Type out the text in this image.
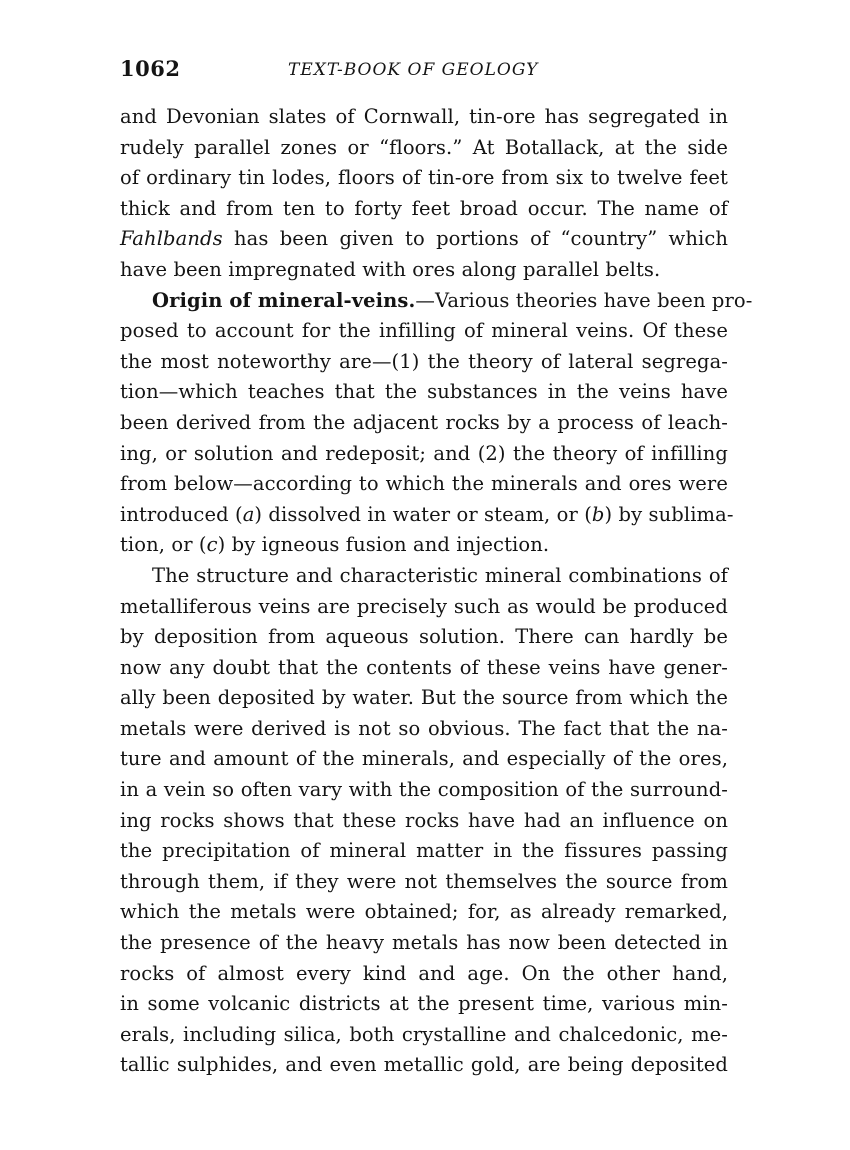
1062	TEXT-BOOK OF GEOLOGY
and Devonian slates of Cornwall, tin-ore has segregated in
rudely parallel zones or “floors.” At Botallack, at the side
of ordinary tin lodes, floors of tin-ore from six to twelve feet
thick and from ten to forty feet broad occur. The name of
Fahlbands has been given to portions of “country” which
have been impregnated with ores along parallel belts.
Origin of mineral-veins.—Various theories have been pro-
posed to account for the infilling of mineral veins. Of these
the most noteworthy are—(1) the theory of lateral segrega-
tion—which teaches that the substances in the veins have
been derived from the adjacent rocks by a process of leach-
ing, or solution and redeposit; and (2) the theory of infilling
from below—according to which the minerals and ores were
introduced (a) dissolved in water or steam, or (b) by sublima-
tion, or (c) by igneous fusion and injection.
The structure and characteristic mineral combinations of
metalliferous veins are precisely such as would be produced
by deposition from aqueous solution. There can hardly be
now any doubt that the contents of these veins have gener-
ally been deposited by water. But the source from which the
metals were derived is not so obvious. The fact that the na-
ture and amount of the minerals, and especially of the ores,
in a vein so often vary with the composition of the surround-
ing rocks shows that these rocks have had an influence on
the precipitation of mineral matter in the fissures passing
through them, if they were not themselves the source from
which the metals were obtained; for, as already remarked,
the presence of the heavy metals has now been detected in
rocks of almost every kind and age. On the other hand,
in some volcanic districts at the present time, various min-
erals, including silica, both crystalline and chalcedonic, me-
tallic sulphides, and even metallic gold, are being deposited
